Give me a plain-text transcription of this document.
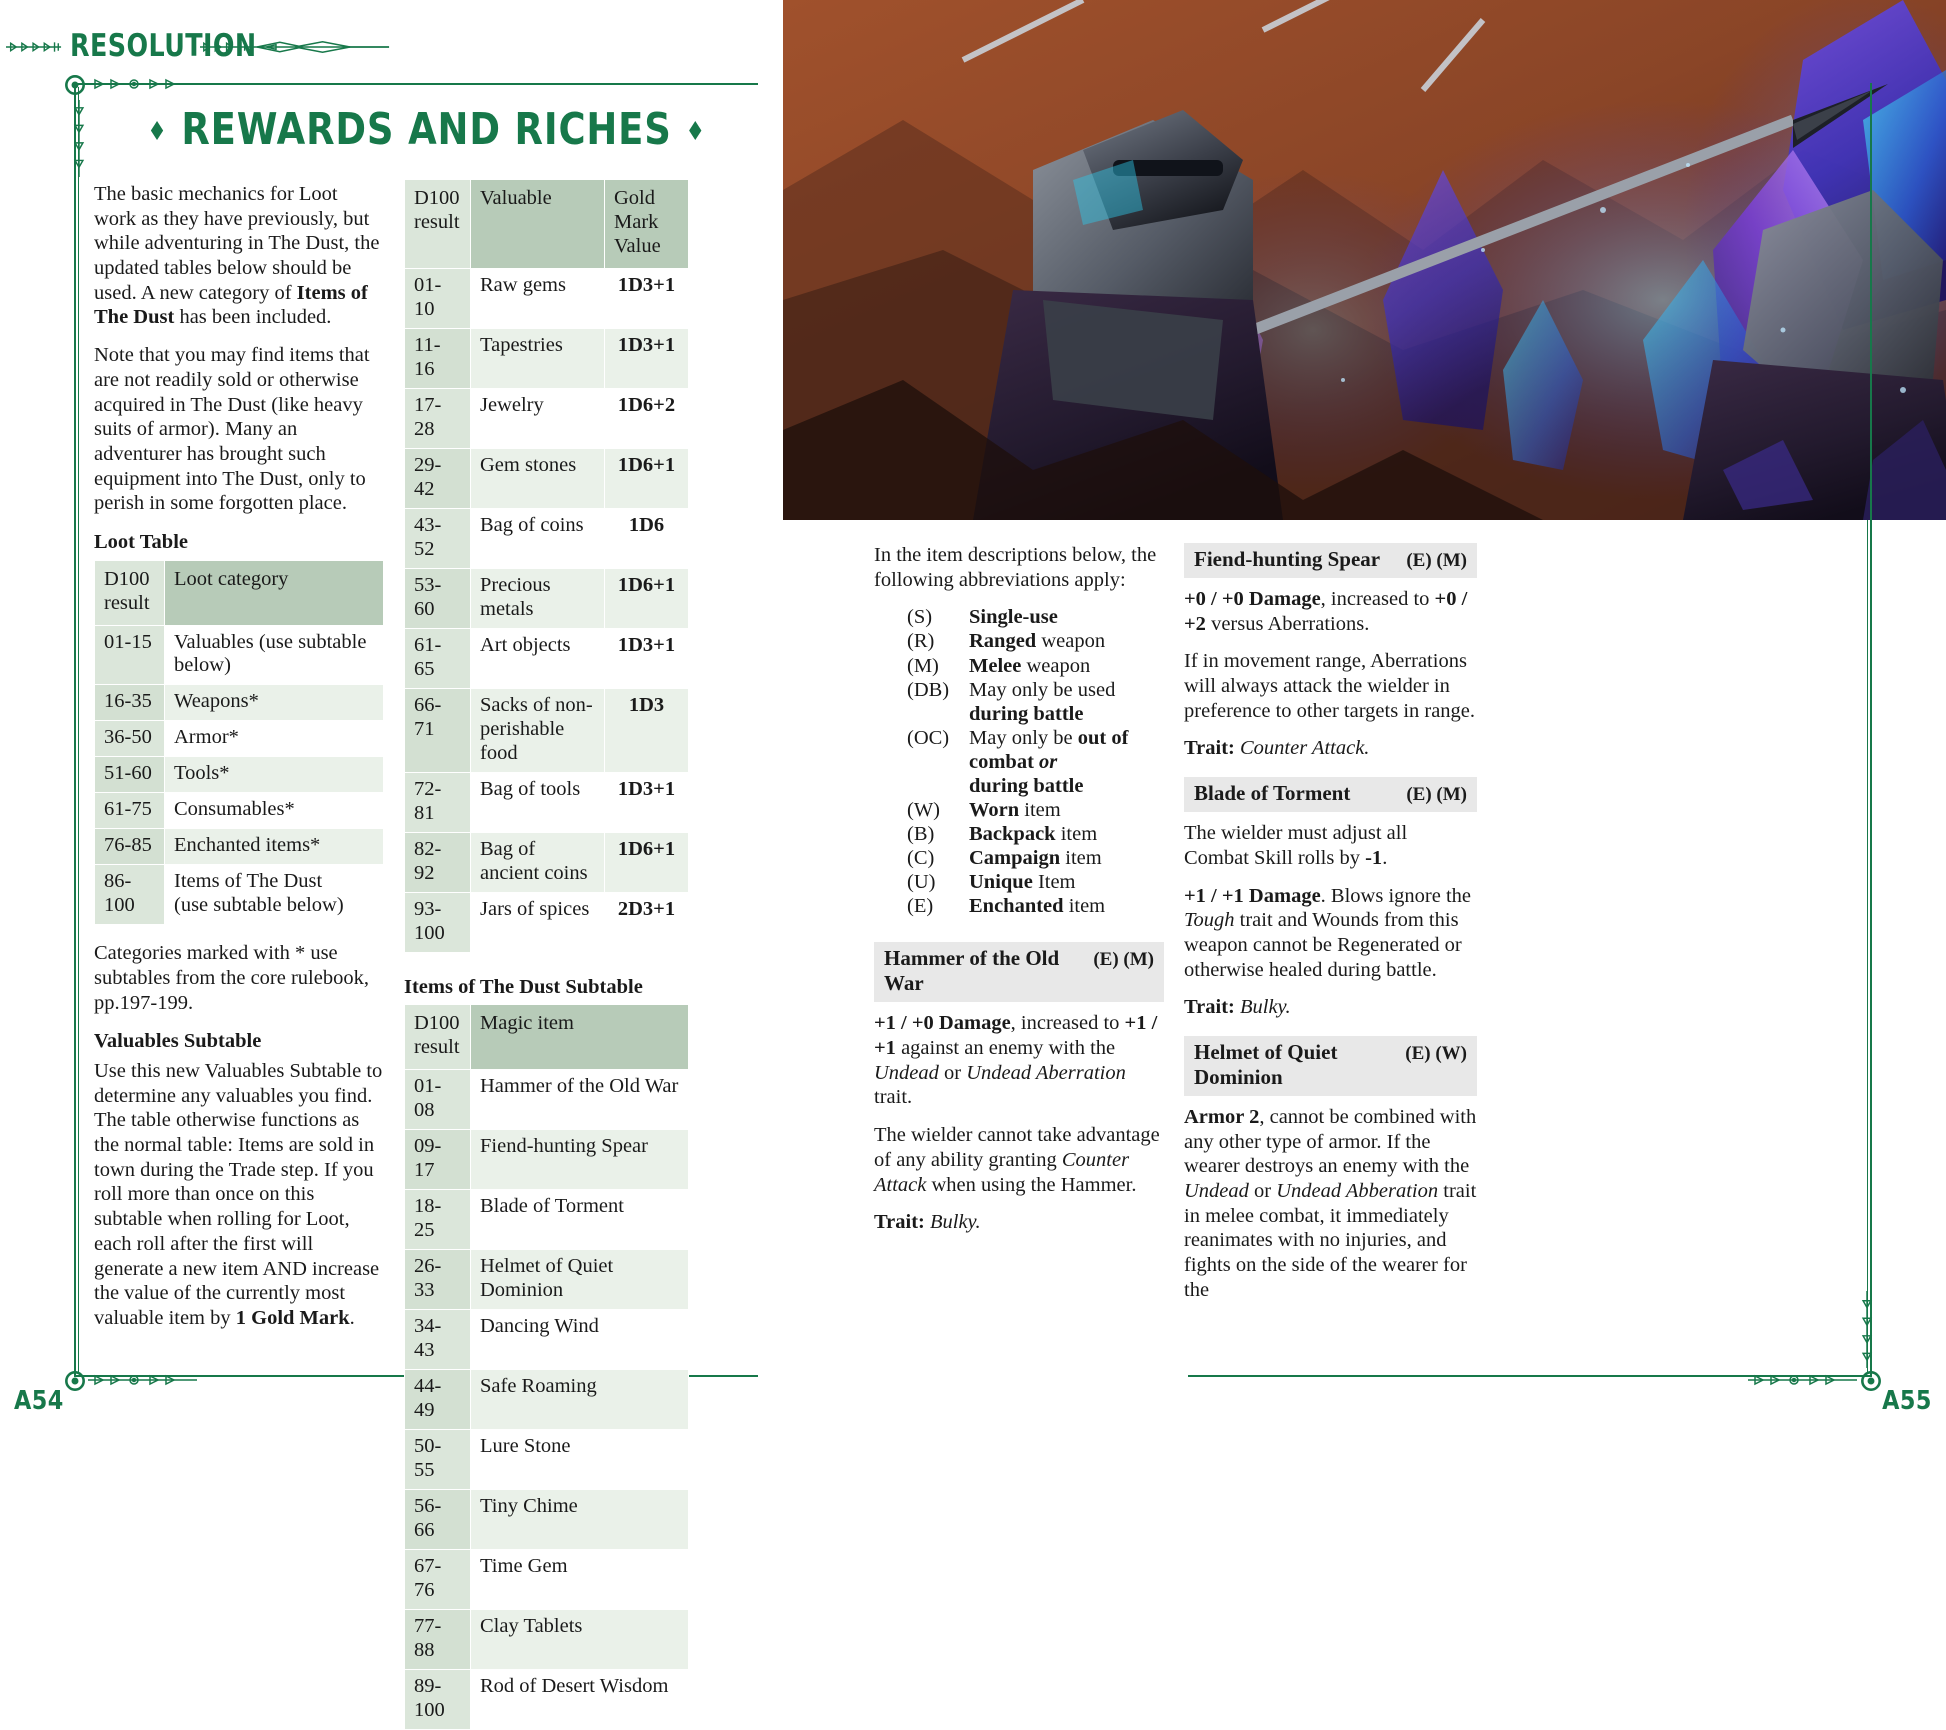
RESOLUTION
A54	A55
♦ REWARDS AND RICHES ♦

The basic mechanics for Loot work as they have previously, but while adventuring in The Dust, the updated tables below should be used. A new category of Items of The Dust has been included.

Note that you may find items that are not readily sold or otherwise acquired in The Dust (like heavy suits of armor). Many an adventurer has brought such equipment into The Dust, only to perish in some forgotten place.

Loot Table
D100 result	Loot category
01-15	Valuables (use subtable below)
16-35	Weapons*
36-50	Armor*
51-60	Tools*
61-75	Consumables*
76-85	Enchanted items*
86-100	Items of The Dust
(use subtable below)

Categories marked with * use subtables from the core rulebook, pp.197-199.

Valuables Subtable

Use this new Valuables Subtable to determine any valuables you find. The table otherwise functions as the normal table: Items are sold in town during the Trade step. If you roll more than once on this subtable when rolling for Loot, each roll after the first will generate a new item AND increase the value of the currently most valuable item by 1 Gold Mark.

D100 result	Valuable	Gold Mark Value
01-10	Raw gems	1D3+1
11-16	Tapestries	1D3+1
17-28	Jewelry	1D6+2
29-42	Gem stones	1D6+1
43-52	Bag of coins	1D6
53-60	Precious metals	1D6+1
61-65	Art objects	1D3+1
66-71	Sacks of non-perishable food	1D3
72-81	Bag of tools	1D3+1
82-92	Bag of ancient coins	1D6+1
93-100	Jars of spices	2D3+1
Items of The Dust Subtable
D100 result	Magic item
01-08	Hammer of the Old War
09-17	Fiend-hunting Spear
18-25	Blade of Torment
26-33	Helmet of Quiet Dominion
34-43	Dancing Wind
44-49	Safe Roaming
50-55	Lure Stone
56-66	Tiny Chime
67-76	Time Gem
77-88	Clay Tablets
89-100	Rod of Desert Wisdom

In the item descriptions below, the following abbreviations apply:

(S)	Single-use
(R)	Ranged weapon
(M)	Melee weapon
(DB) May only be used during battle
(OC) May only be out of combat or
during battle
(W)	Worn item
(B)	Backpack item
(C)	Campaign item
(U)	Unique Item
(E)	Enchanted item
Hammer of the Old War
(E) (M)

+1 / +0 Damage, increased to +1 / +1 against an enemy with the Undead or Undead Aberration trait.

The wielder cannot take advantage of any ability granting Counter Attack when using the Hammer.

Trait: Bulky.

Fiend-hunting Spear	(E) (M)

+0 / +0 Damage, increased to +0 / +2 versus Aberrations.

If in movement range, Aberrations will always attack the wielder in preference to other targets in range.

Trait: Counter Attack.

Blade of Torment	(E) (M)

The wielder must adjust all Combat Skill rolls by -1.

+1 / +1 Damage. Blows ignore the Tough trait and Wounds from this weapon cannot be Regenerated or otherwise healed during battle.

Trait: Bulky.

Helmet of Quiet Dominion
(E) (W)

Armor 2, cannot be combined with any other type of armor. If the wearer destroys an enemy with the Undead or Undead Abberation trait in melee combat, it immediately reanimates with no injuries, and fights on the side of the wearer for the
